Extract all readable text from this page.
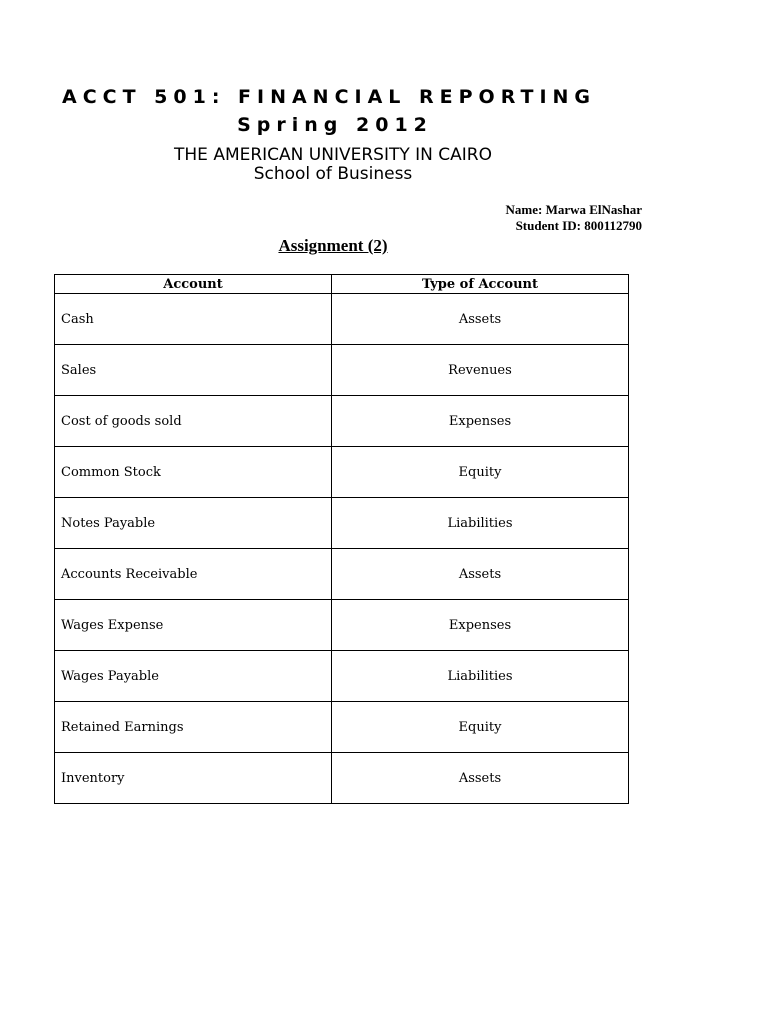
ACCT 501: FINANCIAL REPORTING
Spring 2012
THE AMERICAN UNIVERSITY IN CAIRO
School of Business
Name: Marwa ElNashar
Student ID: 800112790
Assignment (2)
Account	Type of Account
Cash	Assets
Sales	Revenues
Cost of goods sold	Expenses
Common Stock	Equity
Notes Payable	Liabilities
Accounts Receivable	Assets
Wages Expense	Expenses
Wages Payable	Liabilities
Retained Earnings	Equity
Inventory	Assets
